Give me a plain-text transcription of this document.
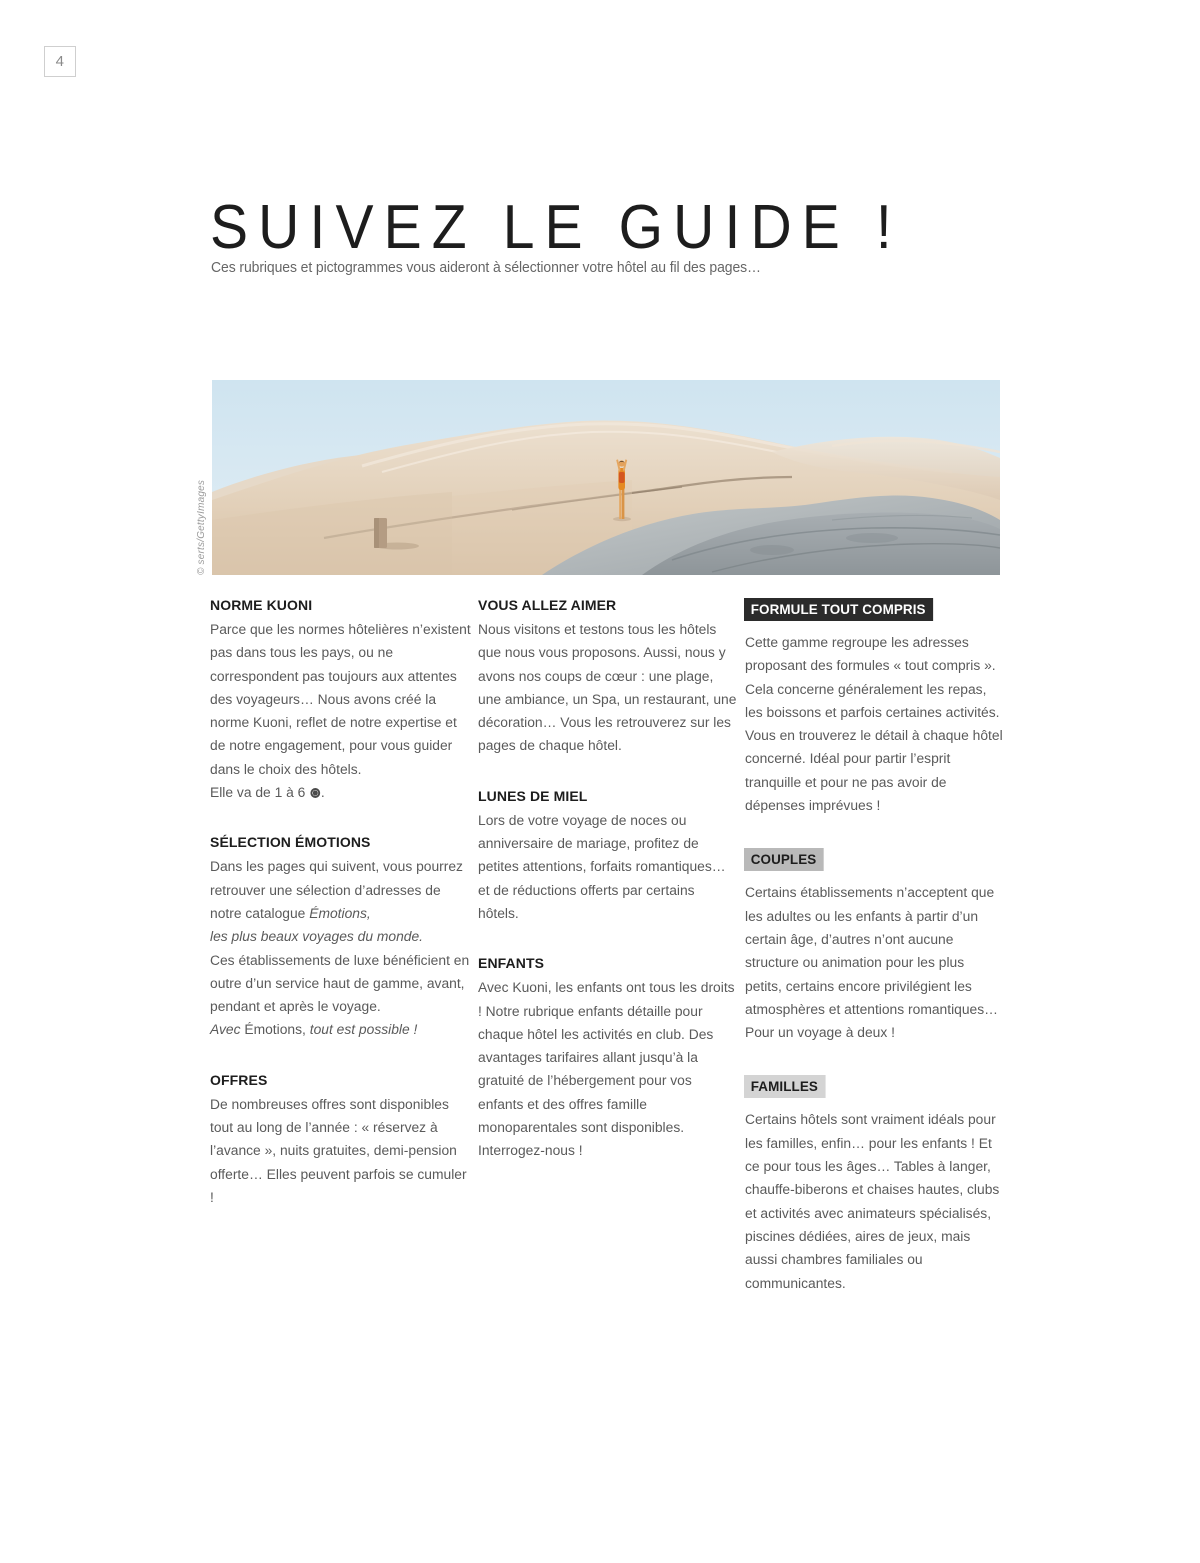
4
SUIVEZ LE GUIDE !

Ces rubriques et pictogrammes vous aideront à sélectionner votre hôtel au fil des pages…

© serts/GettyImages
NORME KUONI

Parce que les normes hôtelières n’existent pas dans tous les pays, ou ne correspondent pas toujours aux attentes des voyageurs… Nous avons créé la norme Kuoni, reflet de notre expertise et de notre engagement, pour vous guider dans le choix des hôtels.
Elle va de 1 à 6 .

SÉLECTION ÉMOTIONS

Dans les pages qui suivent, vous pourrez retrouver une sélection d’adresses de notre catalogue Émotions,
les plus beaux voyages du monde.
Ces établissements de luxe bénéficient en outre d’un service haut de gamme, avant, pendant et après le voyage.
Avec Émotions, tout est possible !

OFFRES

De nombreuses offres sont disponibles tout au long de l’année : « réservez à l’avance », nuits gratuites, demi-pension offerte… Elles peuvent parfois se cumuler !

VOUS ALLEZ AIMER

Nous visitons et testons tous les hôtels que nous vous proposons. Aussi, nous y avons nos coups de cœur : une plage, une ambiance, un Spa, un restaurant, une décoration… Vous les retrouverez sur les pages de chaque hôtel.

LUNES DE MIEL

Lors de votre voyage de noces ou anniversaire de mariage, profitez de petites attentions, forfaits romantiques… et de réductions offerts par certains hôtels.

ENFANTS

Avec Kuoni, les enfants ont tous les droits ! Notre rubrique enfants détaille pour chaque hôtel les activités en club. Des avantages tarifaires allant jusqu’à la gratuité de l’hébergement pour vos enfants et des offres famille monoparentales sont disponibles. Interrogez-nous !

FORMULE TOUT COMPRIS

Cette gamme regroupe les adresses proposant des formules « tout compris ». Cela concerne généralement les repas, les boissons et parfois certaines activités. Vous en trouverez le détail à chaque hôtel concerné. Idéal pour partir l’esprit tranquille et pour ne pas avoir de dépenses imprévues !

COUPLES

Certains établissements n’acceptent que les adultes ou les enfants à partir d’un certain âge, d’autres n’ont aucune structure ou animation pour les plus petits, certains encore privilégient les atmosphères et attentions romantiques… Pour un voyage à deux !

FAMILLES

Certains hôtels sont vraiment idéals pour les familles, enfin… pour les enfants ! Et ce pour tous les âges… Tables à langer, chauffe-biberons et chaises hautes, clubs et activités avec animateurs spécialisés, piscines dédiées, aires de jeux, mais aussi chambres familiales ou communicantes.
